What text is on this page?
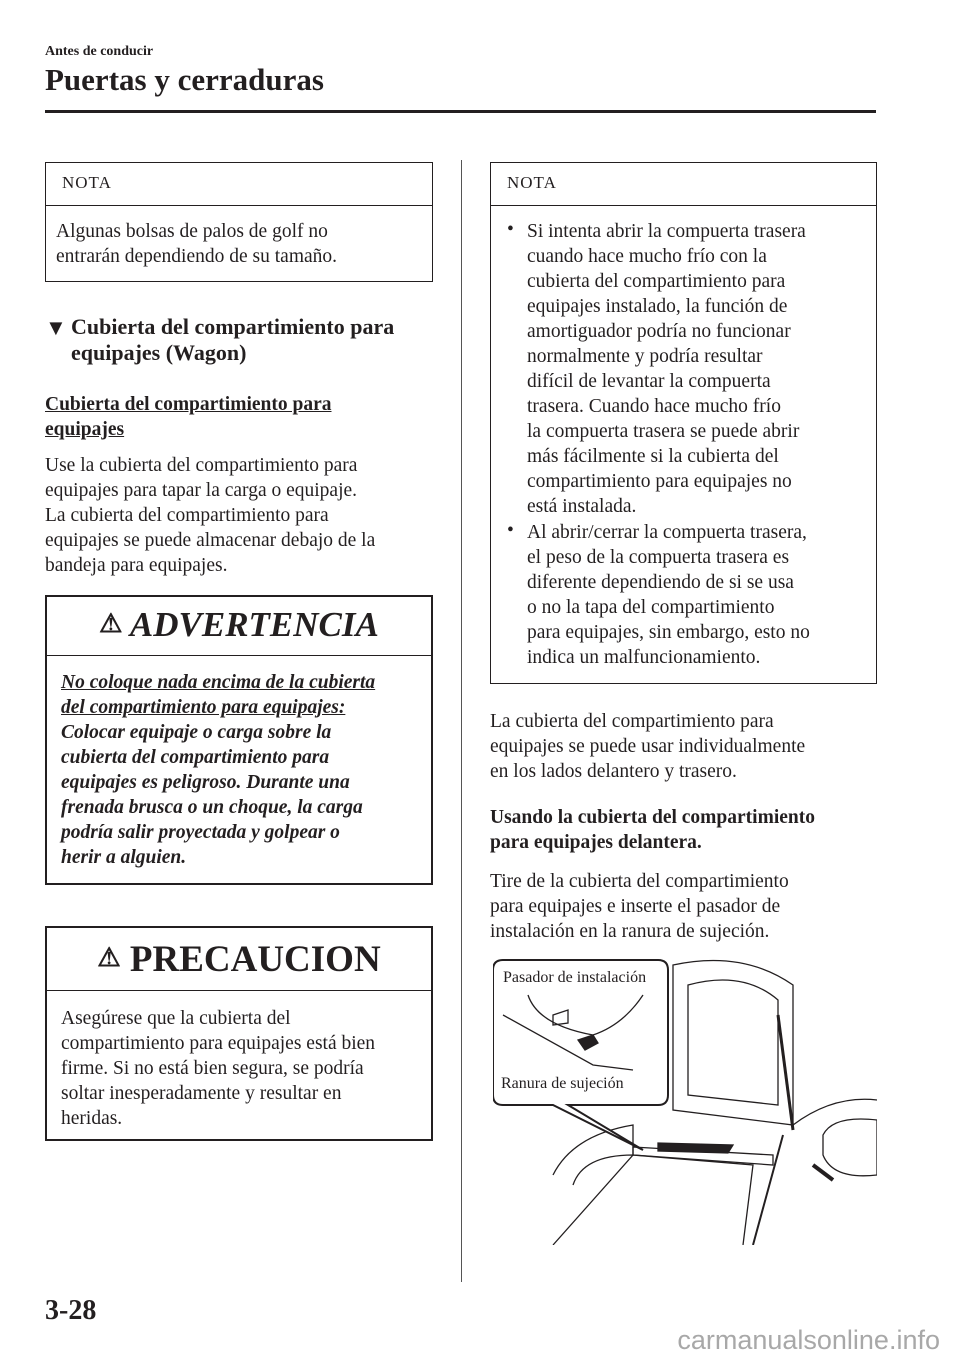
Antes de conducir
Puertas y cerraduras
NOTA
Algunas bolsas de palos de golf no
entrarán dependiendo de su tamaño.
▼ Cubierta del compartimiento para
equipajes (Wagon)
Cubierta del compartimiento para
equipajes
Use la cubierta del compartimiento para
equipajes para tapar la carga o equipaje.
La cubierta del compartimiento para
equipajes se puede almacenar debajo de la
bandeja para equipajes.
⚠ ADVERTENCIA
No coloque nada encima de la cubierta
del compartimiento para equipajes:
Colocar equipaje o carga sobre la
cubierta del compartimiento para
equipajes es peligroso. Durante una
frenada brusca o un choque, la carga
podría salir proyectada y golpear o
herir a alguien.
⚠ PRECAUCION
Asegúrese que la cubierta del
compartimiento para equipajes está bien
firme. Si no está bien segura, se podría
soltar inesperadamente y resultar en
heridas.
NOTA
• Si intenta abrir la compuerta trasera
cuando hace mucho frío con la
cubierta del compartimiento para
equipajes instalado, la función de
amortiguador podría no funcionar
normalmente y podría resultar
difícil de levantar la compuerta
trasera. Cuando hace mucho frío
la compuerta trasera se puede abrir
más fácilmente si la cubierta del
compartimiento para equipajes no
está instalada.
• Al abrir/cerrar la compuerta trasera,
el peso de la compuerta trasera es
diferente dependiendo de si se usa
o no la tapa del compartimiento
para equipajes, sin embargo, esto no
indica un malfuncionamiento.
La cubierta del compartimiento para
equipajes se puede usar individualmente
en los lados delantero y trasero.
Usando la cubierta del compartimiento
para equipajes delantera.
Tire de la cubierta del compartimiento
para equipajes e inserte el pasador de
instalación en la ranura de sujeción.
Pasador de instalación
Ranura de sujeción
3-28
carmanualsonline.info
